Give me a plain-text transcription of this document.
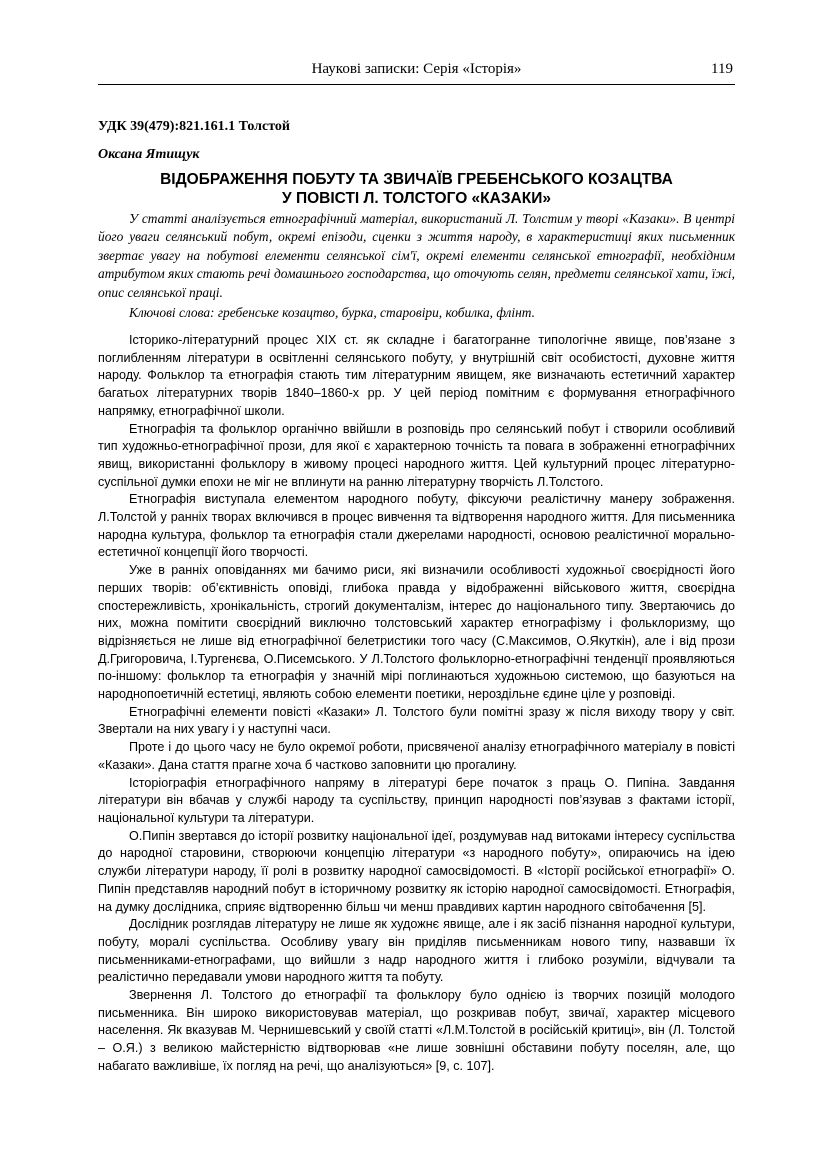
Наукові записки: Серія «Історія»	119
УДК 39(479):821.161.1 Толстой
Оксана Ятищук
ВІДОБРАЖЕННЯ ПОБУТУ ТА ЗВИЧАЇВ ГРЕБЕНСЬКОГО КОЗАЦТВА
У ПОВІСТІ Л. ТОЛСТОГО «КАЗАКИ»

У статті аналізується етнографічний матеріал, використаний Л. Толстим у творі «Казаки». В центрі його уваги селянський побут, окремі епізоди, сценки з життя народу, в характеристиці яких письменник звертає увагу на побутові елементи селянської сім'ї, окремі елементи селянської етнографії, необхідним атрибутом яких стають речі домашнього господарства, що оточують селян, предмети селянської хати, їжі, опис селянської праці.

Ключові слова: гребенське козацтво, бурка, старовіри, кобилка, флінт.

Історико-літературний процес XIX ст. як складне і багатогранне типологічне явище, пов’язане з поглибленням літератури в освітленні селянського побуту, у внутрішній світ особистості, духовне життя народу. Фольклор та етнографія стають тим літературним явищем, яке визначають естетичний характер багатьох літературних творів 1840–1860-х рр. У цей період помітним є формування етнографічного напрямку, етнографічної школи.

Етнографія та фольклор органічно ввійшли в розповідь про селянський побут і створили особливий тип художньо-етнографічної прози, для якої є характерною точність та повага в зображенні етнографічних явищ, використанні фольклору в живому процесі народного життя. Цей культурний процес літературно-суспільної думки епохи не міг не вплинути на ранню літературну творчість Л.Толстого.

Етнографія виступала елементом народного побуту, фіксуючи реалістичну манеру зображення. Л.Толстой у ранніх творах включився в процес вивчення та відтворення народного життя. Для письменника народна культура, фольклор та етнографія стали джерелами народності, основою реалістичної морально-естетичної концепції його творчості.

Уже в ранніх оповіданнях ми бачимо риси, які визначили особливості художньої своєрідності його перших творів: об’єктивність оповіді, глибока правда у відображенні військового життя, своєрідна спостережливість, хронікальність, строгий документалізм, інтерес до національного типу. Звертаючись до них, можна помітити своєрідний виключно толстовський характер етнографізму і фольклоризму, що відрізняється не лише від етнографічної белетристики того часу (С.Максимов, О.Якуткін), але і від прози Д.Григоровича, І.Тургенєва, О.Писемського. У Л.Толстого фольклорно-етнографічні тенденції проявляються по-іншому: фольклор та етнографія у значній мірі поглинаються художньою системою, що базуються на народнопоетичній естетиці, являють собою елементи поетики, нероздільне єдине ціле у розповіді.

Етнографічні елементи повісті «Казаки» Л. Толстого були помітні зразу ж після виходу твору у світ. Звертали на них увагу і у наступні часи.

Проте і до цього часу не було окремої роботи, присвяченої аналізу етнографічного матеріалу в повісті «Казаки». Дана стаття прагне хоча б частково заповнити цю прогалину.

Історіографія етнографічного напряму в літературі бере початок з праць О. Пипіна. Завдання літератури він вбачав у службі народу та суспільству, принцип народності пов’язував з фактами історії, національної культури та літератури.

О.Пипін звертався до історії розвитку національної ідеї, роздумував над витоками інтересу суспільства до народної старовини, створюючи концепцію літератури «з народного побуту», опираючись на ідею служби літератури народу, її ролі в розвитку народної самосвідомості. В «Історії російської етнографії» О. Пипін представляв народний побут в історичному розвитку як історію народної самосвідомості. Етнографія, на думку дослідника, сприяє відтворенню більш чи менш правдивих картин народного світобачення [5].

Дослідник розглядав літературу не лише як художнє явище, але і як засіб пізнання народної культури, побуту, моралі суспільства. Особливу увагу він приділяв письменникам нового типу, назвавши їх письменниками-етнографами, що вийшли з надр народного життя і глибоко розуміли, відчували та реалістично передавали умови народного життя та побуту.

Звернення Л. Толстого до етнографії та фольклору було однією із творчих позицій молодого письменника. Він широко використовував матеріал, що розкривав побут, звичаї, характер місцевого населення. Як вказував М. Чернишевський у своїй статті «Л.М.Толстой в російській критиці», він (Л. Толстой – О.Я.) з великою майстерністю відтворював «не лише зовнішні обставини побуту поселян, але, що набагато важливіше, їх погляд на речі, що аналізуються» [9, с. 107].
